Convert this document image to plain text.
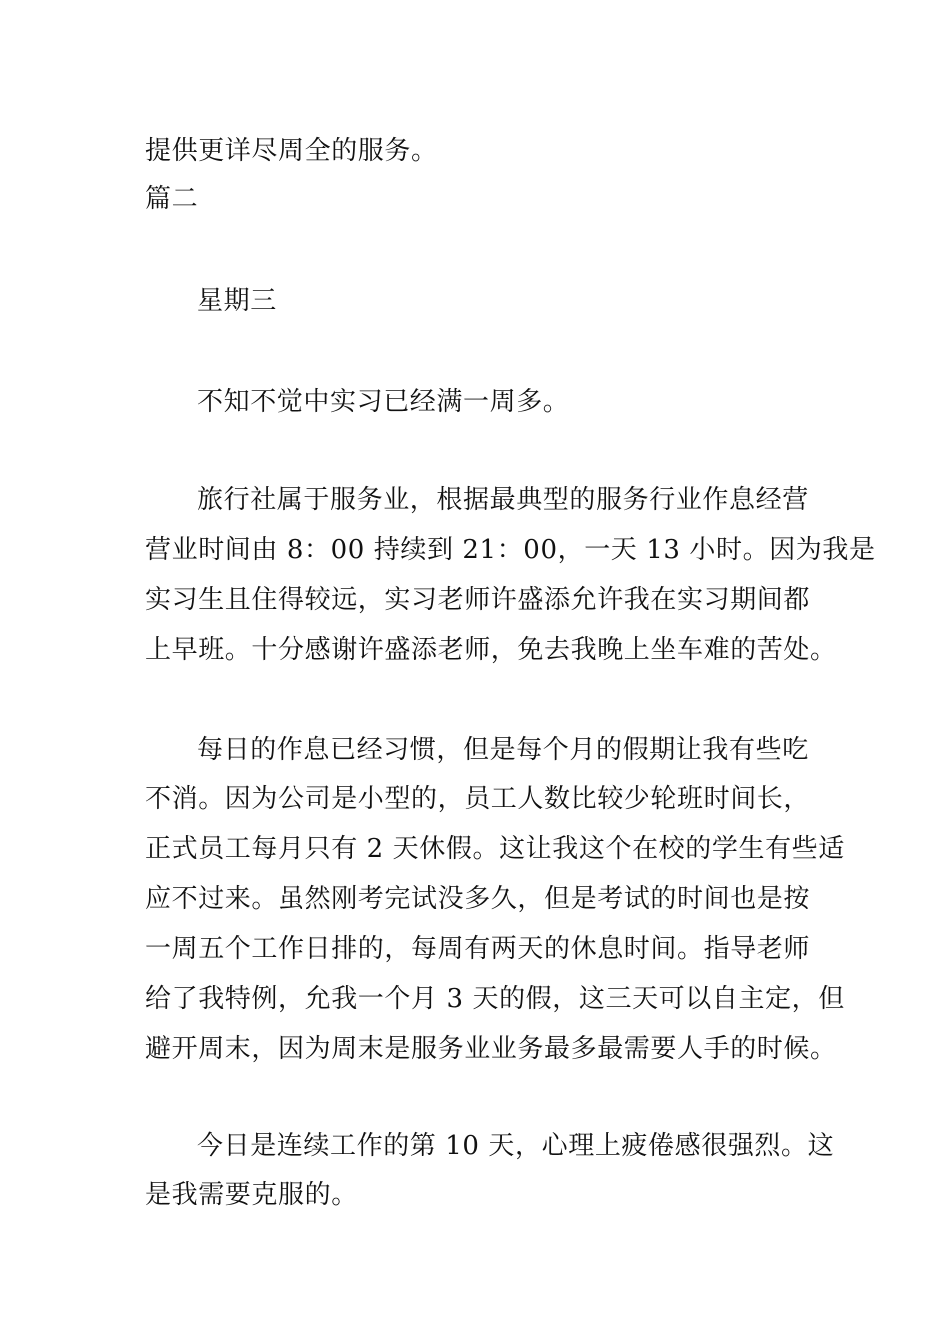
提供更详尽周全的服务。
篇二
星期三
不知不觉中实习已经满一周多。
旅行社属于服务业，根据最典型的服务行业作息经营
营业时间由 8：00 持续到 21：00，一天 13 小时。因为我是
实习生且住得较远，实习老师许盛添允许我在实习期间都
上早班。十分感谢许盛添老师，免去我晚上坐车难的苦处。
每日的作息已经习惯，但是每个月的假期让我有些吃
不消。因为公司是小型的，员工人数比较少轮班时间长，
正式员工每月只有 2 天休假。这让我这个在校的学生有些适
应不过来。虽然刚考完试没多久，但是考试的时间也是按
一周五个工作日排的，每周有两天的休息时间。指导老师
给了我特例，允我一个月 3 天的假，这三天可以自主定，但
避开周末，因为周末是服务业业务最多最需要人手的时候。
今日是连续工作的第 10 天，心理上疲倦感很强烈。这
是我需要克服的。
